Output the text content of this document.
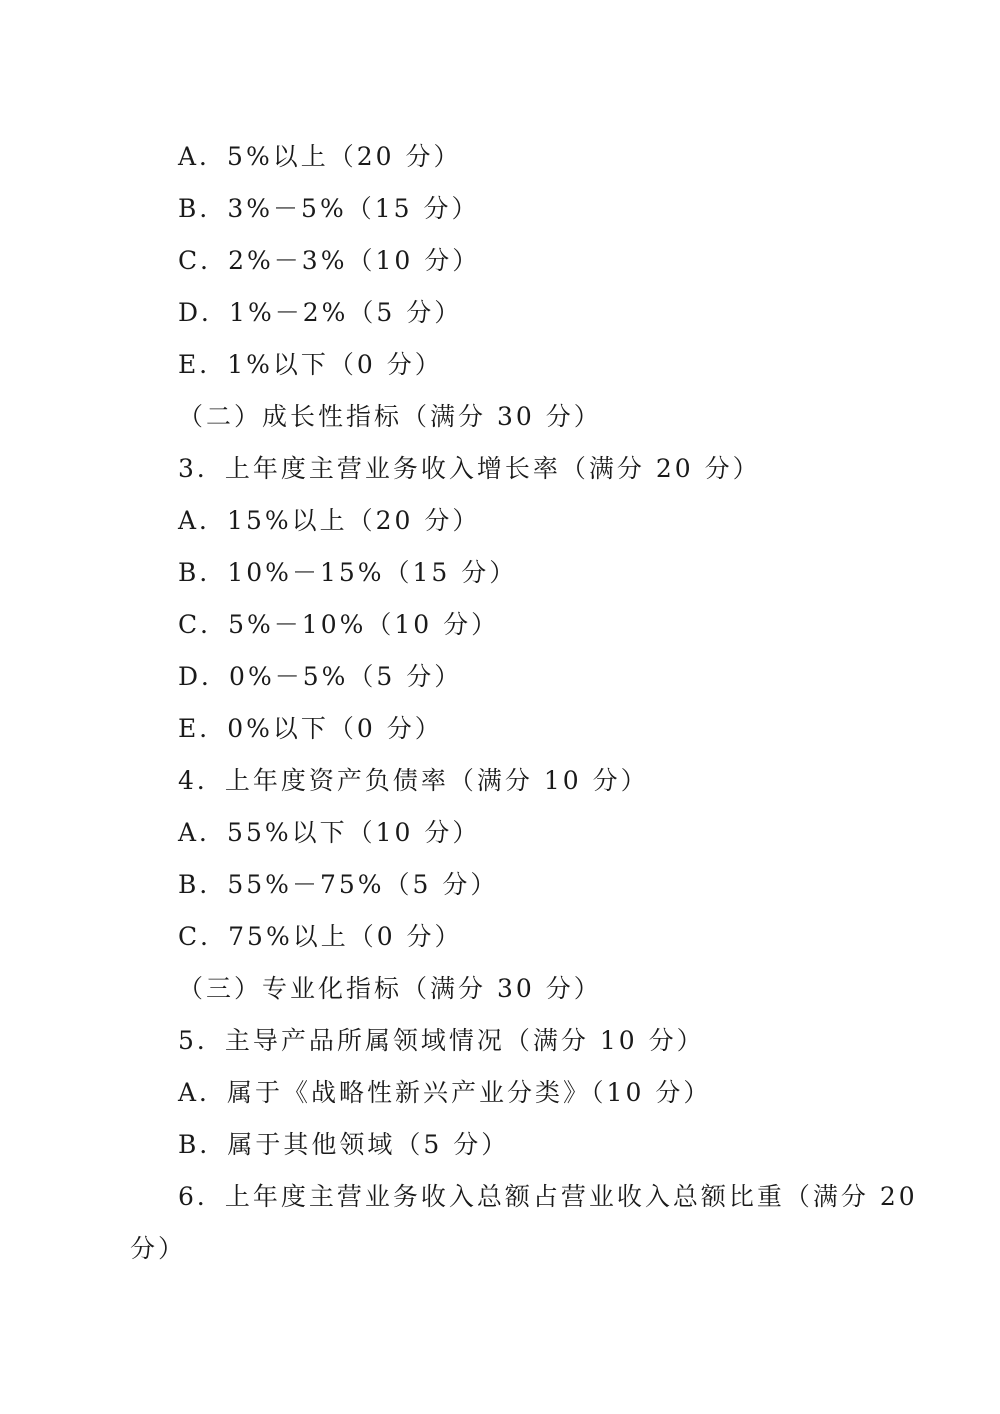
A．5%以上（20 分）
B．3%－5%（15 分）
C．2%－3%（10 分）
D．1%－2%（5 分）
E．1%以下（0 分）
（二）成长性指标（满分 30 分）
3．上年度主营业务收入增长率（满分 20 分）
A．15%以上（20 分）
B．10%－15%（15 分）
C．5%－10%（10 分）
D．0%－5%（5 分）
E．0%以下（0 分）
4．上年度资产负债率（满分 10 分）
A．55%以下（10 分）
B．55%－75%（5 分）
C．75%以上（0 分）
（三）专业化指标（满分 30 分）
5．主导产品所属领域情况（满分 10 分）
A．属于《战略性新兴产业分类》（10 分）
B．属于其他领域（5 分）
6．上年度主营业务收入总额占营业收入总额比重（满分 20
分）
